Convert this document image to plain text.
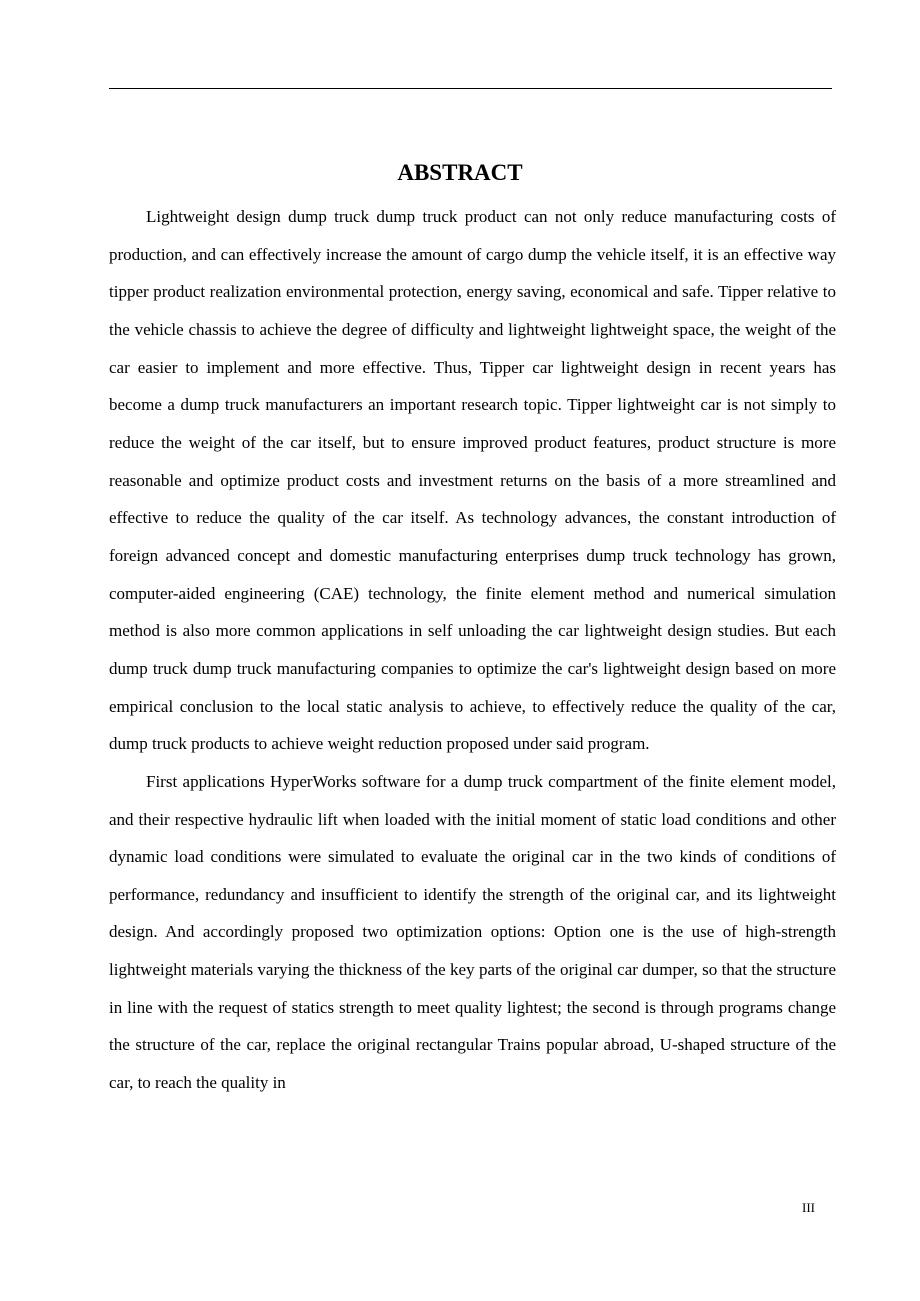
ABSTRACT

Lightweight design dump truck dump truck product can not only reduce manufacturing costs of production, and can effectively increase the amount of cargo dump the vehicle itself, it is an effective way tipper product realization environmental protection, energy saving, economical and safe. Tipper relative to the vehicle chassis to achieve the degree of difficulty and lightweight lightweight space, the weight of the car easier to implement and more effective. Thus, Tipper car lightweight design in recent years has become a dump truck manufacturers an important research topic. Tipper lightweight car is not simply to reduce the weight of the car itself, but to ensure improved product features, product structure is more reasonable and optimize product costs and investment returns on the basis of a more streamlined and effective to reduce the quality of the car itself. As technology advances, the constant introduction of foreign advanced concept and domestic manufacturing enterprises dump truck technology has grown, computer-aided engineering (CAE) technology, the finite element method and numerical simulation method is also more common applications in self unloading the car lightweight design studies. But each dump truck dump truck manufacturing companies to optimize the car's lightweight design based on more empirical conclusion to the local static analysis to achieve, to effectively reduce the quality of the car, dump truck products to achieve weight reduction proposed under said program.

First applications HyperWorks software for a dump truck compartment of the finite element model, and their respective hydraulic lift when loaded with the initial moment of static load conditions and other dynamic load conditions were simulated to evaluate the original car in the two kinds of conditions of performance, redundancy and insufficient to identify the strength of the original car, and its lightweight design. And accordingly proposed two optimization options: Option one is the use of high-strength lightweight materials varying the thickness of the key parts of the original car dumper, so that the structure in line with the request of statics strength to meet quality lightest; the second is through programs change the structure of the car, replace the original rectangular Trains popular abroad, U-shaped structure of the car, to reach the quality in

III
